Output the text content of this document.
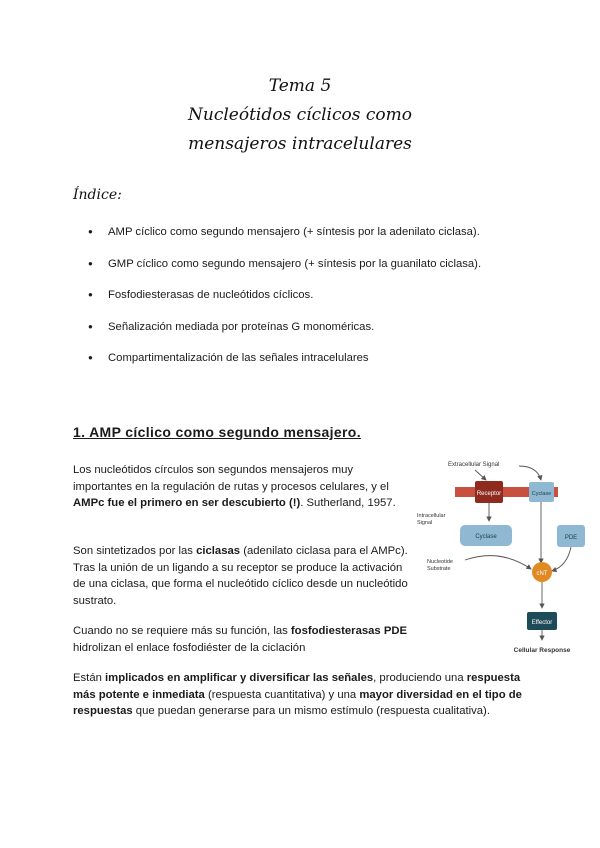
Tema 5
Nucleótidos cíclicos como
mensajeros intracelulares
Índice:
● AMP cíclico como segundo mensajero (+ síntesis por la adenilato ciclasa).
● GMP cíclico como segundo mensajero (+ síntesis por la guanilato ciclasa).
● Fosfodiesterasas de nucleótidos cíclicos.
● Señalización mediada por proteínas G monoméricas.
● Compartimentalización de las señales intracelulares
1. AMP cíclico como segundo mensajero.

Los nucleótidos círculos son segundos mensajeros muy importantes en la regulación de rutas y procesos celulares, y el AMPc fue el primero en ser descubierto (!). Sutherland, 1957.

Son sintetizados por las ciclasas (adenilato ciclasa para el AMPc). Tras la unión de un ligando a su receptor se produce la activación de una ciclasa, que forma el nucleótido cíclico desde un nucleótido sustrato.

Cuando no se requiere más su función, las fosfodiesterasas PDE hidrolizan el enlace fosfodiéster de la ciclación

Están implicados en amplificar y diversificar las señales, produciendo una respuesta más potente e inmediata (respuesta cuantitativa) y una mayor diversidad en el tipo de respuestas que puedan generarse para un mismo estímulo (respuesta cualitativa).

Extracellular Signal
Receptor	Cyclase
Intracellular
Signal
Cyclase	PDE
Nucleotide
Substrate
cNT
Effector
Cellular Response
